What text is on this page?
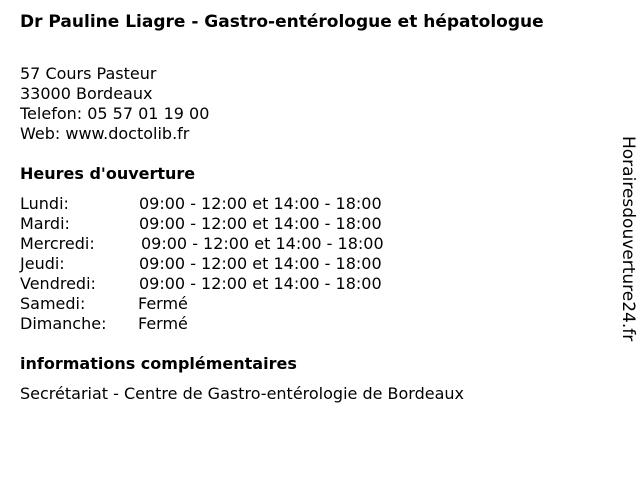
Dr Pauline Liagre - Gastro-entérologue et hépatologue
57 Cours Pasteur
33000 Bordeaux
Telefon: 05 57 01 19 00
Web: www.doctolib.fr
Heures d'ouverture
Lundi:	09:00 - 12:00 et 14:00 - 18:00
Mardi:	09:00 - 12:00 et 14:00 - 18:00
Mercredi:	09:00 - 12:00 et 14:00 - 18:00
Jeudi:	09:00 - 12:00 et 14:00 - 18:00
Vendredi:	09:00 - 12:00 et 14:00 - 18:00
Samedi:	Fermé
Dimanche: Fermé
informations complémentaires
Secrétariat - Centre de Gastro-entérologie de Bordeaux
Horairesdouverture24.fr
